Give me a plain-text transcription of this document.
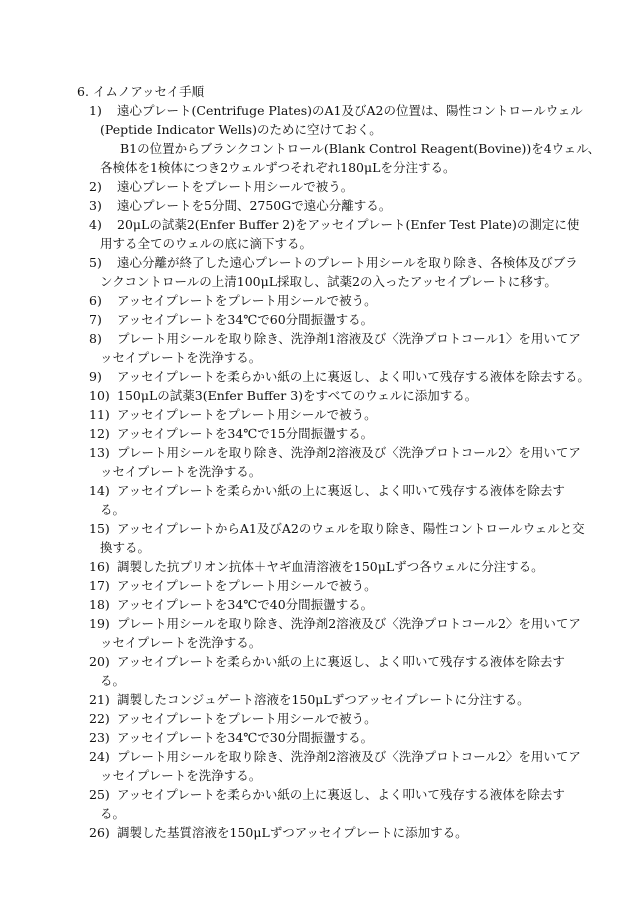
6. イムノアッセイ手順
1)	遠心プレート(Centrifuge Plates)のA1及びA2の位置は、陽性コントロールウェル
(Peptide Indicator Wells)のために空けておく。
B1の位置からブランクコントロール(Blank Control Reagent(Bovine))を4ウェル、
各検体を1検体につき2ウェルずつそれぞれ180μLを分注する。
2)	遠心プレートをプレート用シールで被う。
3)	遠心プレートを5分間、2750Gで遠心分離する。
4)	20μLの試薬2(Enfer Buffer 2)をアッセイプレート(Enfer Test Plate)の測定に使
用する全てのウェルの底に滴下する。
5)	遠心分離が終了した遠心プレートのプレート用シールを取り除き、各検体及びブラ
ンクコントロールの上清100μL採取し、試薬2の入ったアッセイプレートに移す。
6)	アッセイプレートをプレート用シールで被う。
7)	アッセイプレートを34℃で60分間振盪する。
8)	プレート用シールを取り除き、洗浄剤1溶液及び〈洗浄プロトコール1〉を用いてア
ッセイプレートを洗浄する。
9)	アッセイプレートを柔らかい紙の上に裏返し、よく叩いて残存する液体を除去する。
10) 150μLの試薬3(Enfer Buffer 3)をすべてのウェルに添加する。
11) アッセイプレートをプレート用シールで被う。
12) アッセイプレートを34℃で15分間振盪する。
13) プレート用シールを取り除き、洗浄剤2溶液及び〈洗浄プロトコール2〉を用いてア
ッセイプレートを洗浄する。
14) アッセイプレートを柔らかい紙の上に裏返し、よく叩いて残存する液体を除去す
る。
15) アッセイプレートからA1及びA2のウェルを取り除き、陽性コントロールウェルと交
換する。
16) 調製した抗プリオン抗体＋ヤギ血清溶液を150μLずつ各ウェルに分注する。
17) アッセイプレートをプレート用シールで被う。
18) アッセイプレートを34℃で40分間振盪する。
19) プレート用シールを取り除き、洗浄剤2溶液及び〈洗浄プロトコール2〉を用いてア
ッセイプレートを洗浄する。
20) アッセイプレートを柔らかい紙の上に裏返し、よく叩いて残存する液体を除去す
る。
21) 調製したコンジュゲート溶液を150μLずつアッセイプレートに分注する。
22) アッセイプレートをプレート用シールで被う。
23) アッセイプレートを34℃で30分間振盪する。
24) プレート用シールを取り除き、洗浄剤2溶液及び〈洗浄プロトコール2〉を用いてア
ッセイプレートを洗浄する。
25) アッセイプレートを柔らかい紙の上に裏返し、よく叩いて残存する液体を除去す
る。
26) 調製した基質溶液を150μLずつアッセイプレートに添加する。
